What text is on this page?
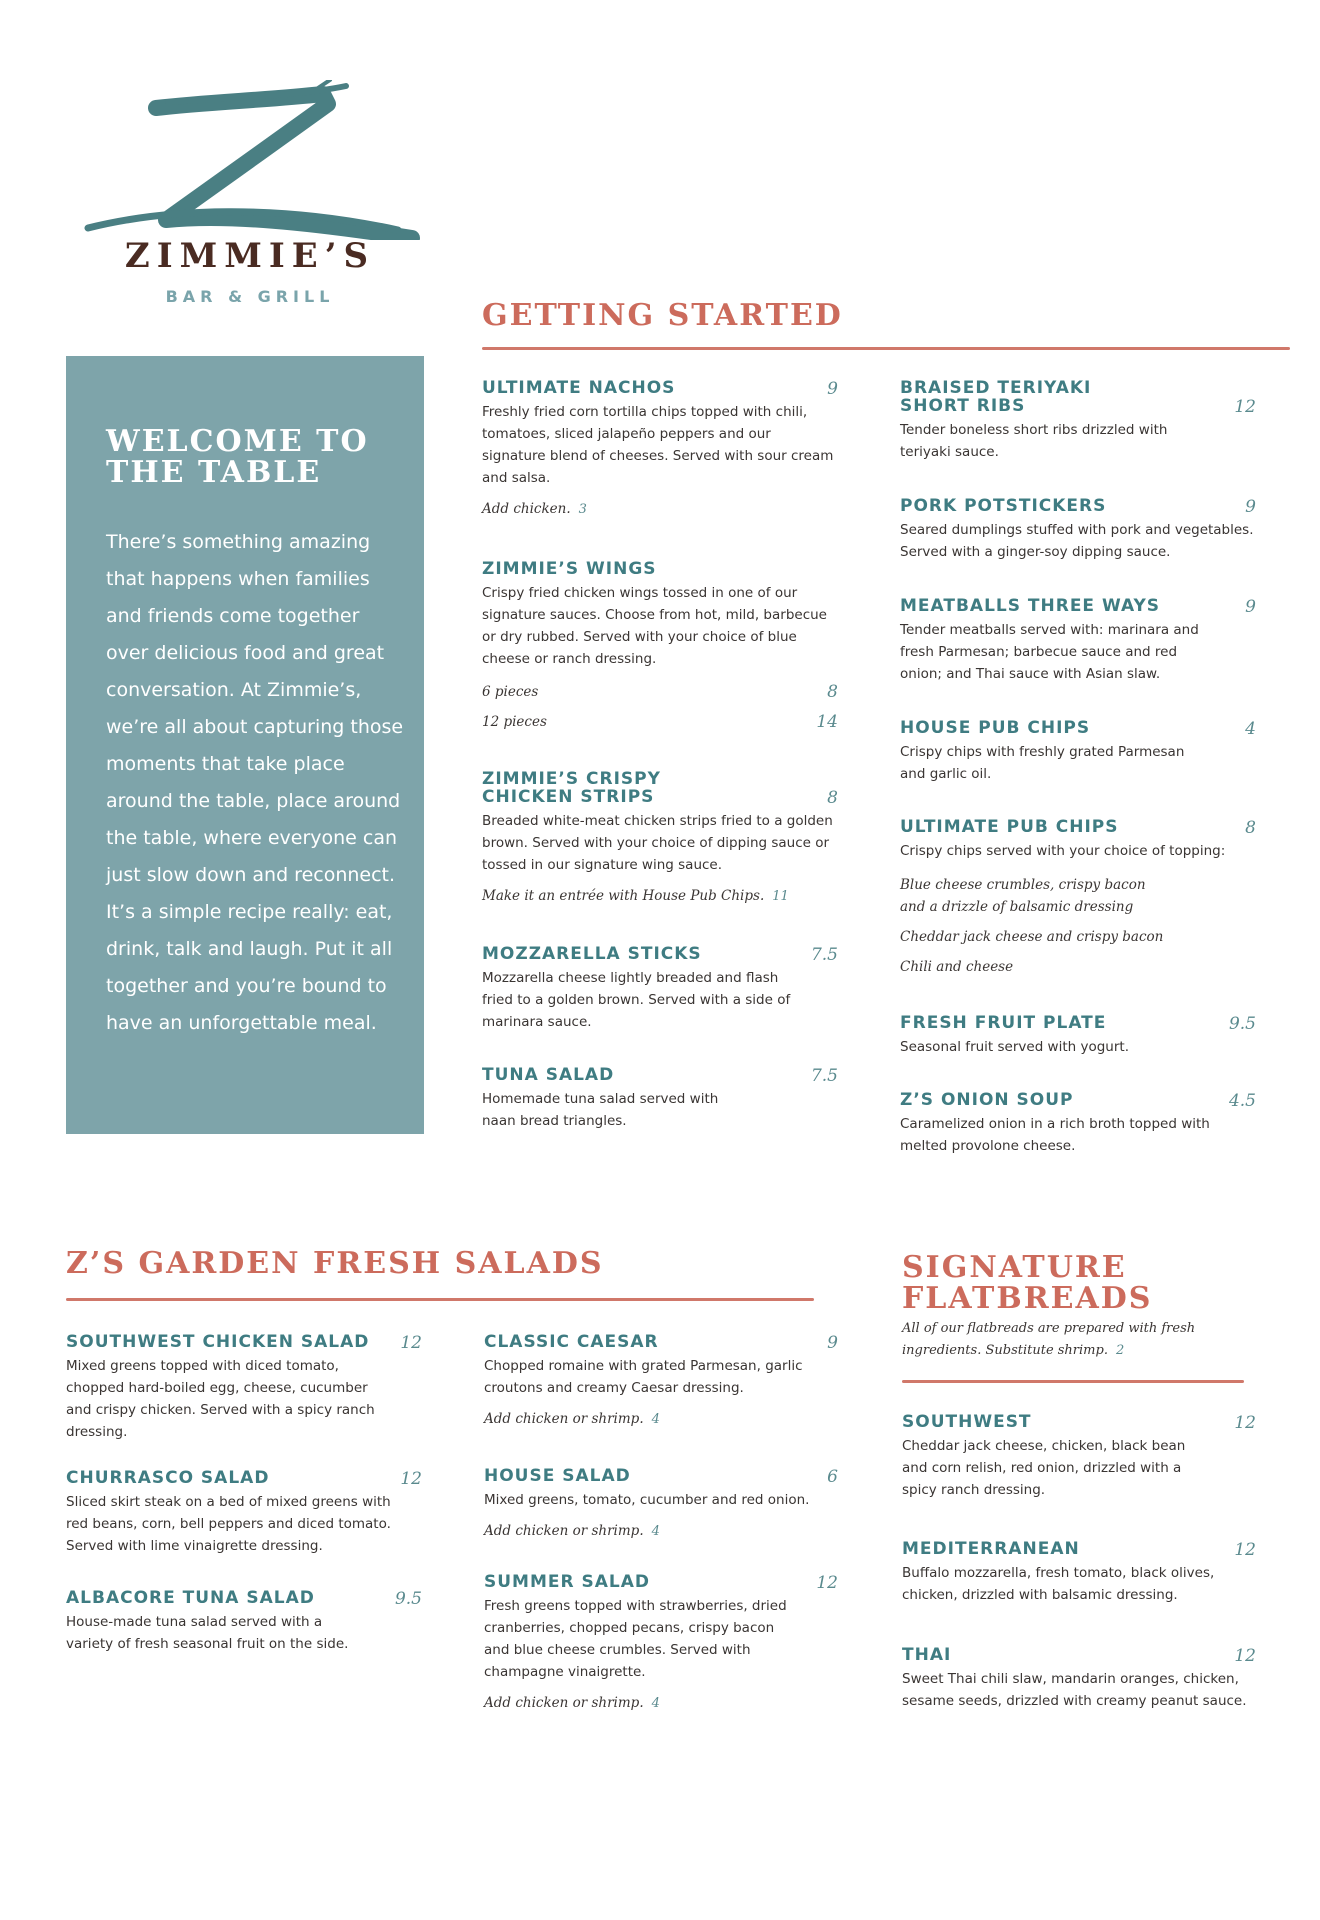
ZIMMIE’S
BAR & GRILL
WELCOME TO THE TABLE
There’s something amazing that happens when families and friends come together over delicious food and great conversation. At Zimmie’s, we’re all about capturing those moments that take place around the table, place around the table, where everyone can just slow down and reconnect. It’s a simple recipe really: eat, drink, talk and laugh. Put it all together and you’re bound to have an unforgettable meal.
GETTING STARTED
ULTIMATE NACHOS	9
Freshly fried corn tortilla chips topped with chili, tomatoes, sliced jalapeño peppers and our signature blend of cheeses. Served with sour cream and salsa.
Add chicken. 3
ZIMMIE’S WINGS
Crispy fried chicken wings tossed in one of our signature sauces. Choose from hot, mild, barbecue or dry rubbed. Served with your choice of blue cheese or ranch dressing.
6 pieces	8
12 pieces	14
ZIMMIE’S CRISPY CHICKEN STRIPS	8
Breaded white-meat chicken strips fried to a golden brown. Served with your choice of dipping sauce or tossed in our signature wing sauce.
Make it an entrée with House Pub Chips. 11
MOZZARELLA STICKS	7.5
Mozzarella cheese lightly breaded and flash fried to a golden brown. Served with a side of marinara sauce.
TUNA SALAD	7.5
Homemade tuna salad served with naan bread triangles.
BRAISED TERIYAKI SHORT RIBS	12
Tender boneless short ribs drizzled with teriyaki sauce.
PORK POTSTICKERS	9
Seared dumplings stuffed with pork and vegetables. Served with a ginger-soy dipping sauce.
MEATBALLS THREE WAYS	9
Tender meatballs served with: marinara and fresh Parmesan; barbecue sauce and red onion; and Thai sauce with Asian slaw.
HOUSE PUB CHIPS	4
Crispy chips with freshly grated Parmesan and garlic oil.
ULTIMATE PUB CHIPS	8
Crispy chips served with your choice of topping:
Blue cheese crumbles, crispy bacon and a drizzle of balsamic dressing
Cheddar jack cheese and crispy bacon
Chili and cheese
FRESH FRUIT PLATE	9.5
Seasonal fruit served with yogurt.
Z’S ONION SOUP	4.5
Caramelized onion in a rich broth topped with melted provolone cheese.
Z’S GARDEN FRESH SALADS
SOUTHWEST CHICKEN SALAD	12
Mixed greens topped with diced tomato, chopped hard-boiled egg, cheese, cucumber and crispy chicken. Served with a spicy ranch dressing.
CHURRASCO SALAD	12
Sliced skirt steak on a bed of mixed greens with red beans, corn, bell peppers and diced tomato. Served with lime vinaigrette dressing.
ALBACORE TUNA SALAD	9.5
House-made tuna salad served with a variety of fresh seasonal fruit on the side.
CLASSIC CAESAR	9
Chopped romaine with grated Parmesan, garlic croutons and creamy Caesar dressing.
Add chicken or shrimp. 4
HOUSE SALAD	6
Mixed greens, tomato, cucumber and red onion.
Add chicken or shrimp. 4
SUMMER SALAD	12
Fresh greens topped with strawberries, dried cranberries, chopped pecans, crispy bacon and blue cheese crumbles. Served with champagne vinaigrette.
Add chicken or shrimp. 4
SIGNATURE FLATBREADS
All of our flatbreads are prepared with fresh ingredients. Substitute shrimp. 2
SOUTHWEST	12
Cheddar jack cheese, chicken, black bean and corn relish, red onion, drizzled with a spicy ranch dressing.
MEDITERRANEAN	12
Buffalo mozzarella, fresh tomato, black olives, chicken, drizzled with balsamic dressing.
THAI	12
Sweet Thai chili slaw, mandarin oranges, chicken, sesame seeds, drizzled with creamy peanut sauce.
